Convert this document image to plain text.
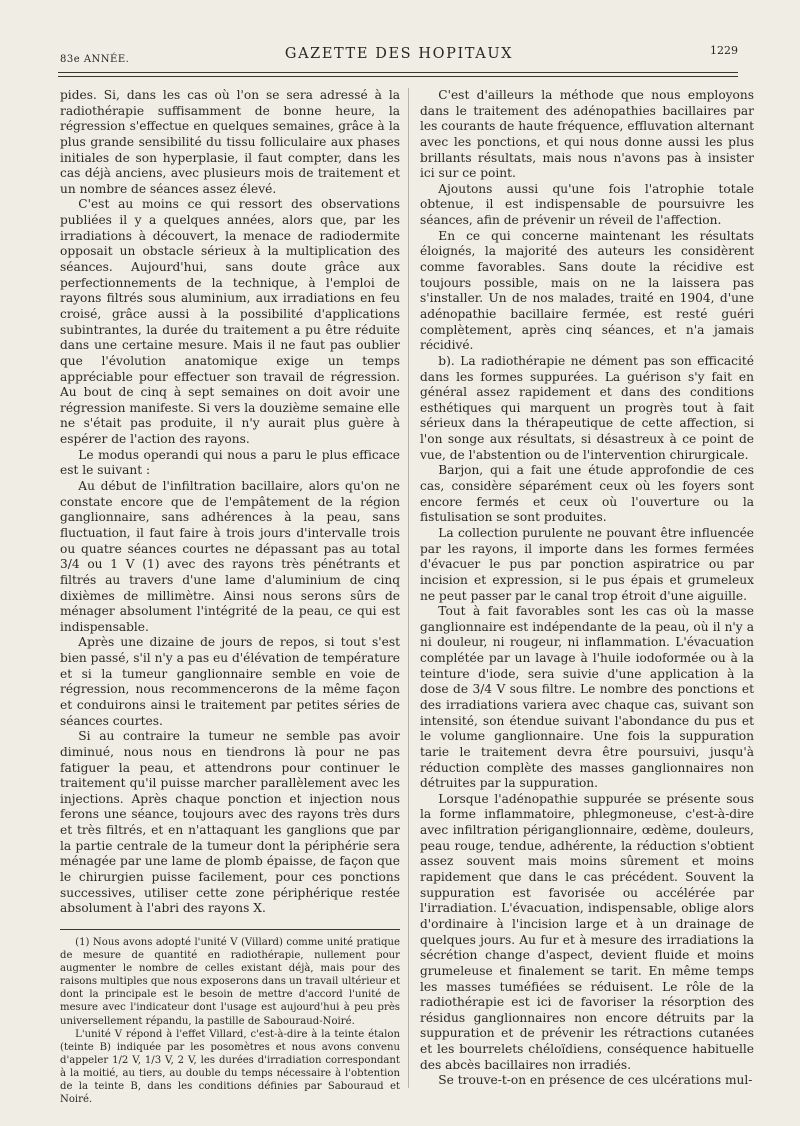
83e ANNÉE.	GAZETTE DES HOPITAUX	1229

pides. Si, dans les cas où l'on se sera adressé à la radiothérapie suffisamment de bonne heure, la régression s'effectue en quelques semaines, grâce à la plus grande sensibilité du tissu folliculaire aux phases initiales de son hyperplasie, il faut compter, dans les cas déjà anciens, avec plusieurs mois de traitement et un nombre de séances assez élevé.

C'est au moins ce qui ressort des observations publiées il y a quelques années, alors que, par les irradiations à découvert, la menace de radiodermite opposait un obstacle sérieux à la multiplication des séances. Aujourd'hui, sans doute grâce aux perfectionnements de la technique, à l'emploi de rayons filtrés sous aluminium, aux irradiations en feu croisé, grâce aussi à la possibilité d'applications subintrantes, la durée du traitement a pu être réduite dans une certaine mesure. Mais il ne faut pas oublier que l'évolution anatomique exige un temps appréciable pour effectuer son travail de régression. Au bout de cinq à sept semaines on doit avoir une régression manifeste. Si vers la douzième semaine elle ne s'était pas produite, il n'y aurait plus guère à espérer de l'action des rayons.

Le modus operandi qui nous a paru le plus efficace est le suivant :

Au début de l'infiltration bacillaire, alors qu'on ne constate encore que de l'empâtement de la région ganglionnaire, sans adhérences à la peau, sans fluctuation, il faut faire à trois jours d'intervalle trois ou quatre séances courtes ne dépassant pas au total 3/4 ou 1 V (1) avec des rayons très pénétrants et filtrés au travers d'une lame d'aluminium de cinq dixièmes de millimètre. Ainsi nous serons sûrs de ménager absolument l'intégrité de la peau, ce qui est indispensable.

Après une dizaine de jours de repos, si tout s'est bien passé, s'il n'y a pas eu d'élévation de température et si la tumeur ganglionnaire semble en voie de régression, nous recommencerons de la même façon et conduirons ainsi le traitement par petites séries de séances courtes.

Si au contraire la tumeur ne semble pas avoir diminué, nous nous en tiendrons là pour ne pas fatiguer la peau, et attendrons pour continuer le traitement qu'il puisse marcher parallèlement avec les injections. Après chaque ponction et injection nous ferons une séance, toujours avec des rayons très durs et très filtrés, et en n'attaquant les ganglions que par la partie centrale de la tumeur dont la périphérie sera ménagée par une lame de plomb épaisse, de façon que le chirurgien puisse facilement, pour ces ponctions successives, utiliser cette zone périphérique restée absolument à l'abri des rayons X.

(1) Nous avons adopté l'unité V (Villard) comme unité pratique de mesure de quantité en radiothérapie, nullement pour augmenter le nombre de celles existant déjà, mais pour des raisons multiples que nous exposerons dans un travail ultérieur et dont la principale est le besoin de mettre d'accord l'unité de mesure avec l'indicateur dont l'usage est aujourd'hui à peu près universellement répandu, la pastille de Sabouraud-Noiré.

L'unité V répond à l'effet Villard, c'est-à-dire à la teinte étalon (teinte B) indiquée par les posomètres et nous avons convenu d'appeler 1/2 V, 1/3 V, 2 V, les durées d'irradiation correspondant à la moitié, au tiers, au double du temps nécessaire à l'obtention de la teinte B, dans les conditions définies par Sabouraud et Noiré.

C'est d'ailleurs la méthode que nous employons dans le traitement des adénopathies bacillaires par les courants de haute fréquence, effluvation alternant avec les ponctions, et qui nous donne aussi les plus brillants résultats, mais nous n'avons pas à insister ici sur ce point.

Ajoutons aussi qu'une fois l'atrophie totale obtenue, il est indispensable de poursuivre les séances, afin de prévenir un réveil de l'affection.

En ce qui concerne maintenant les résultats éloignés, la majorité des auteurs les considèrent comme favorables. Sans doute la récidive est toujours possible, mais on ne la laissera pas s'installer. Un de nos malades, traité en 1904, d'une adénopathie bacillaire fermée, est resté guéri complètement, après cinq séances, et n'a jamais récidivé.

b). La radiothérapie ne dément pas son efficacité dans les formes suppurées. La guérison s'y fait en général assez rapidement et dans des conditions esthétiques qui marquent un progrès tout à fait sérieux dans la thérapeutique de cette affection, si l'on songe aux résultats, si désastreux à ce point de vue, de l'abstention ou de l'intervention chirurgicale.

Barjon, qui a fait une étude approfondie de ces cas, considère séparément ceux où les foyers sont encore fermés et ceux où l'ouverture ou la fistulisation se sont produites.

La collection purulente ne pouvant être influencée par les rayons, il importe dans les formes fermées d'évacuer le pus par ponction aspiratrice ou par incision et expression, si le pus épais et grumeleux ne peut passer par le canal trop étroit d'une aiguille.

Tout à fait favorables sont les cas où la masse ganglionnaire est indépendante de la peau, où il n'y a ni douleur, ni rougeur, ni inflammation. L'évacuation complétée par un lavage à l'huile iodoformée ou à la teinture d'iode, sera suivie d'une application à la dose de 3/4 V sous filtre. Le nombre des ponctions et des irradiations variera avec chaque cas, suivant son intensité, son étendue suivant l'abondance du pus et le volume ganglionnaire. Une fois la suppuration tarie le traitement devra être poursuivi, jusqu'à réduction complète des masses ganglionnaires non détruites par la suppuration.

Lorsque l'adénopathie suppurée se présente sous la forme inflammatoire, phlegmoneuse, c'est-à-dire avec infiltration périganglionnaire, œdème, douleurs, peau rouge, tendue, adhérente, la réduction s'obtient assez souvent mais moins sûrement et moins rapidement que dans le cas précédent. Souvent la suppuration est favorisée ou accélérée par l'irradiation. L'évacuation, indispensable, oblige alors d'ordinaire à l'incision large et à un drainage de quelques jours. Au fur et à mesure des irradiations la sécrétion change d'aspect, devient fluide et moins grumeleuse et finalement se tarit. En même temps les masses tuméfiées se réduisent. Le rôle de la radiothérapie est ici de favoriser la résorption des résidus ganglionnaires non encore détruits par la suppuration et de prévenir les rétractions cutanées et les bourrelets chéloïdiens, conséquence habituelle des abcès bacillaires non irradiés.

Se trouve-t-on en présence de ces ulcérations mul-
